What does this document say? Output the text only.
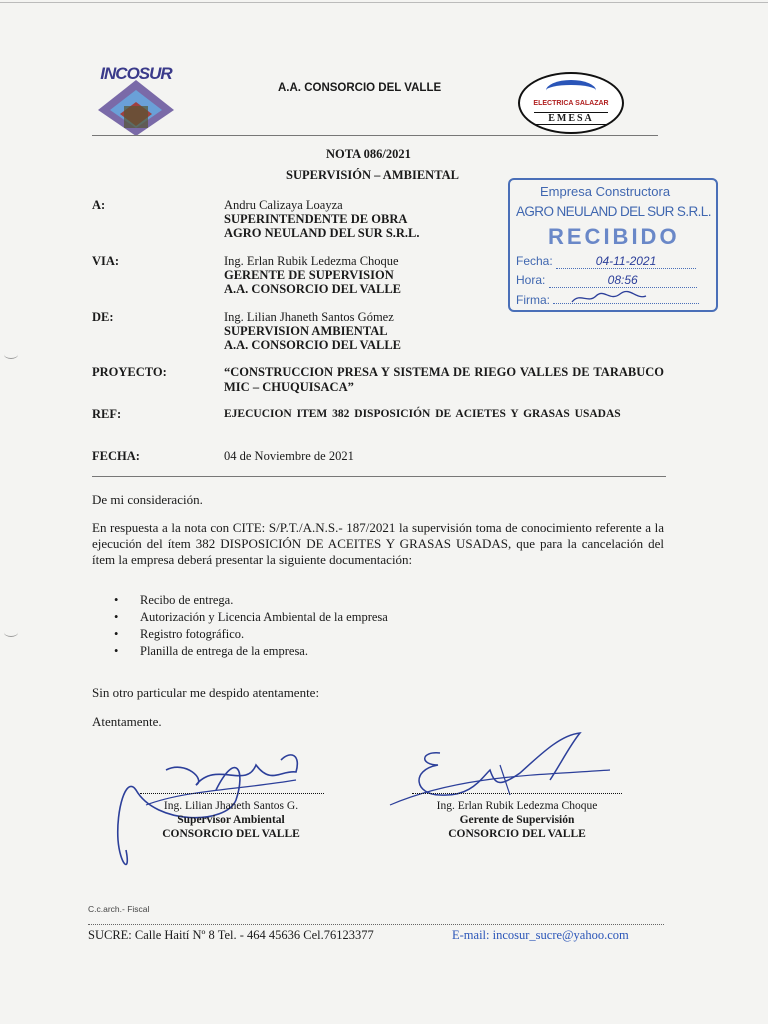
INCOSUR
A.A. CONSORCIO DEL VALLE
ELECTRICA SALAZAR
EMESA
NOTA 086/2021
SUPERVISIÓN – AMBIENTAL
Empresa Constructora
AGRO NEULAND DEL SUR S.R.L.
RECIBIDO
Fecha:	04-11-2021
Hora:	08:56
Firma:
A:	Andru Calizaya Loayza
SUPERINTENDENTE DE OBRA
AGRO NEULAND DEL SUR S.R.L.
VIA:	Ing. Erlan Rubik Ledezma Choque
GERENTE DE SUPERVISION
A.A. CONSORCIO DEL VALLE
DE:	Ing. Lilian Jhaneth Santos Gómez
SUPERVISION AMBIENTAL
A.A. CONSORCIO DEL VALLE
PROYECTO:	“CONSTRUCCION PRESA Y SISTEMA DE RIEGO VALLES DE TARABUCO MIC – CHUQUISACA”
REF:	EJECUCION ITEM 382 DISPOSICIÓN DE ACIETES Y GRASAS USADAS
FECHA:	04 de Noviembre de 2021
De mi consideración.
En respuesta a la nota con CITE: S/P.T./A.N.S.- 187/2021 la supervisión toma de conocimiento referente a la ejecución del ítem 382 DISPOSICIÓN DE ACEITES Y GRASAS USADAS, que para la cancelación del ítem la empresa deberá presentar la siguiente documentación:
• Recibo de entrega.
• Autorización y Licencia Ambiental de la empresa
• Registro fotográfico.
• Planilla de entrega de la empresa.
Sin otro particular me despido atentamente:
Atentamente.
Ing. Lilian Jhaneth Santos G.
Supervisor Ambiental
CONSORCIO DEL VALLE
Ing. Erlan Rubik Ledezma Choque
Gerente de Supervisión
CONSORCIO DEL VALLE
C.c.arch.- Fiscal
SUCRE: Calle Haití Nº 8 Tel. - 464 45636 Cel.76123377	E-mail: incosur_sucre@yahoo.com
